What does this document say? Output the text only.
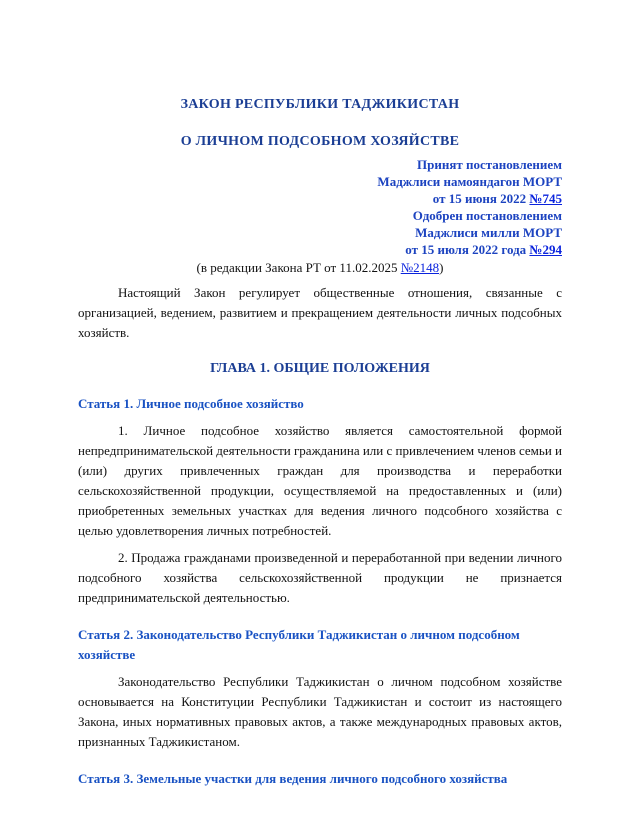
ЗАКОН РЕСПУБЛИКИ ТАДЖИКИСТАН
О ЛИЧНОМ ПОДСОБНОМ ХОЗЯЙСТВЕ
Принят постановлением
Маджлиси намояндагон МОРТ
от 15 июня 2022 №745
Одобрен постановлением
Маджлиси милли МОРТ
от 15 июля 2022 года №294
(в редакции Закона РТ от 11.02.2025 №2148)

Настоящий Закон регулирует общественные отношения, связанные с организацией, ведением, развитием и прекращением деятельности личных подсобных хозяйств.

ГЛАВА 1. ОБЩИЕ ПОЛОЖЕНИЯ
Статья 1. Личное подсобное хозяйство

1. Личное подсобное хозяйство является самостоятельной формой непредпринимательской деятельности гражданина или с привлечением членов семьи и (или) других привлеченных граждан для производства и переработки сельскохозяйственной продукции, осуществляемой на предоставленных и (или) приобретенных земельных участках для ведения личного подсобного хозяйства с целью удовлетворения личных потребностей.

2. Продажа гражданами произведенной и переработанной при ведении личного подсобного хозяйства сельскохозяйственной продукции не признается предпринимательской деятельностью.

Статья 2. Законодательство Республики Таджикистан о личном подсобном хозяйстве

Законодательство Республики Таджикистан о личном подсобном хозяйстве основывается на Конституции Республики Таджикистан и состоит из настоящего Закона, иных нормативных правовых актов, а также международных правовых актов, признанных Таджикистаном.

Статья 3. Земельные участки для ведения личного подсобного хозяйства
